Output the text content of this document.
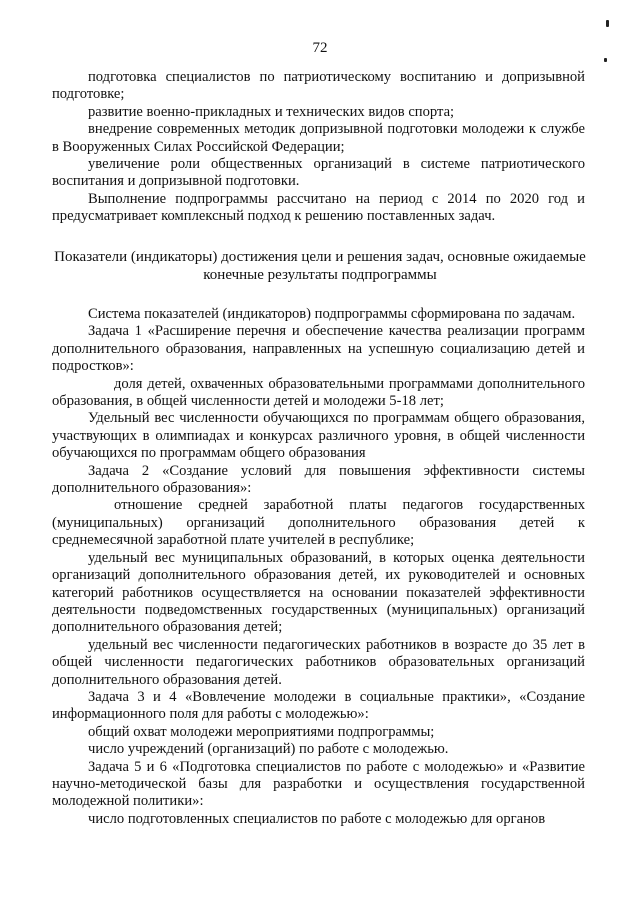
72

подготовка специалистов по патриотическому воспитанию и допризывной подготовке;

развитие военно-прикладных и технических видов спорта;

внедрение современных методик допризывной подготовки молодежи к службе в Вооруженных Силах Российской Федерации;

увеличение роли общественных организаций в системе патриотического воспитания и допризывной подготовки.

Выполнение подпрограммы рассчитано на период с 2014 по 2020 год и предусматривает комплексный подход к решению поставленных задач.

Показатели (индикаторы) достижения цели и решения задач, основные ожидаемые
конечные результаты подпрограммы

Система показателей (индикаторов) подпрограммы сформирована по задачам.

Задача 1 «Расширение перечня и обеспечение качества реализации программ дополнительного образования, направленных на успешную социализацию детей и подростков»:

доля детей, охваченных образовательными программами дополнительного образования, в общей численности детей и молодежи 5-18 лет;

Удельный вес численности обучающихся по программам общего образования, участвующих в олимпиадах и конкурсах различного уровня, в общей численности обучающихся по программам общего образования

Задача 2 «Создание условий для повышения эффективности системы дополнительного образования»:

отношение средней заработной платы педагогов государственных (муниципальных) организаций дополнительного образования детей к среднемесячной заработной плате учителей в республике;

удельный вес муниципальных образований, в которых оценка деятельности организаций дополнительного образования детей, их руководителей и основных категорий работников осуществляется на основании показателей эффективности деятельности подведомственных государственных (муниципальных) организаций дополнительного образования детей;

удельный вес численности педагогических работников в возрасте до 35 лет в общей численности педагогических работников образовательных организаций дополнительного образования детей.

Задача 3 и 4 «Вовлечение молодежи в социальные практики», «Создание информационного поля для работы с молодежью»:

общий охват молодежи мероприятиями подпрограммы;

число учреждений (организаций) по работе с молодежью.

Задача 5 и 6 «Подготовка специалистов по работе с молодежью» и «Развитие научно-методической базы для разработки и осуществления государственной молодежной политики»:

число подготовленных специалистов по работе с молодежью для органов
